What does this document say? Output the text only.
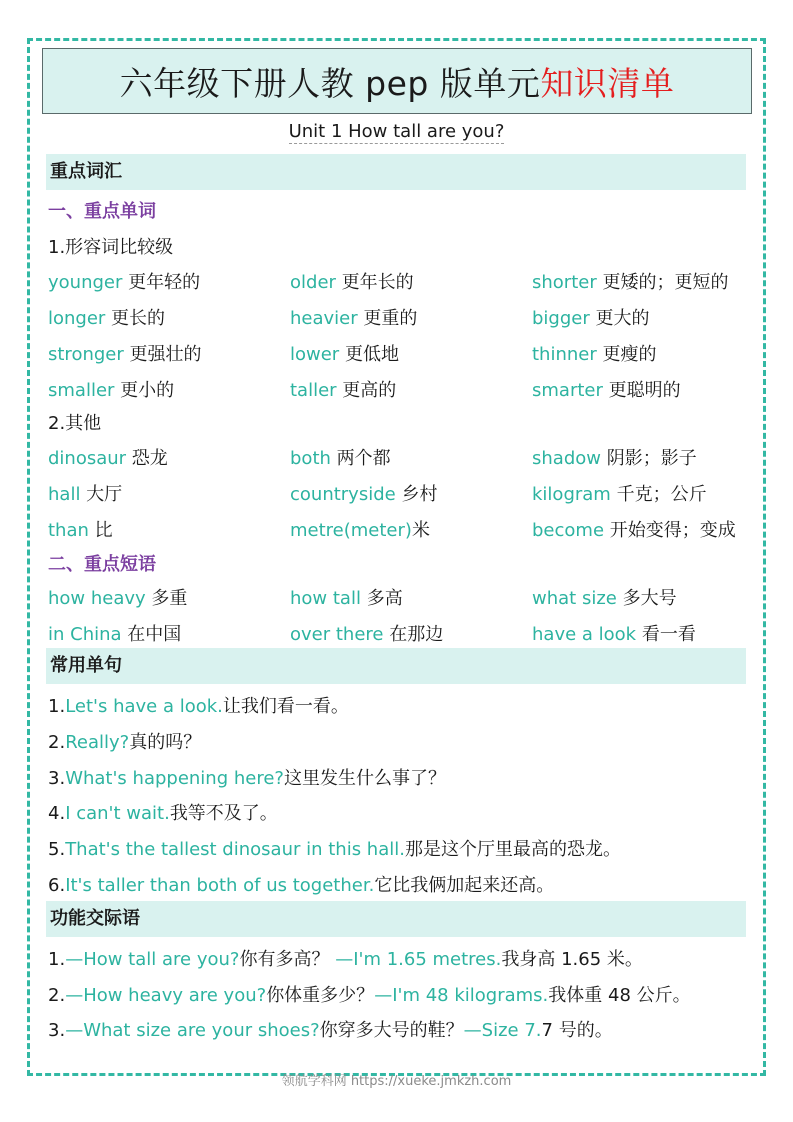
六年级下册人教 pep 版单元 知识清单
Unit 1 How tall are you?
重点词汇
一、重点单词
1.形容词比较级
younger 更年轻的	older 更年长的	shorter 更矮的；更短的
longer 更长的	heavier 更重的	bigger 更大的
stronger 更强壮的	lower 更低地	thinner 更瘦的
smaller 更小的	taller 更高的	smarter 更聪明的
2.其他
dinosaur 恐龙	both 两个都	shadow 阴影；影子
hall 大厅	countryside 乡村	kilogram 千克；公斤
than 比	metre(meter)米	become 开始变得；变成
二、重点短语
how heavy 多重	how tall 多高	what size 多大号
in China 在中国	over there 在那边	have a look 看一看
常用单句
1.Let's have a look.让我们看一看。
2.Really?真的吗？
3.What's happening here?这里发生什么事了？
4.I can't wait.我等不及了。
5.That's the tallest dinosaur in this hall.那是这个厅里最高的恐龙。
6.It's taller than both of us together.它比我俩加起来还高。
功能交际语
1.—How tall are you?你有多高？ —I'm 1.65 metres.我身高 1.65 米。
2.—How heavy are you?你体重多少？—I'm 48 kilograms.我体重 48 公斤。
3.—What size are your shoes?你穿多大号的鞋？—Size 7.7 号的。
领航学科网 https://xueke.jmkzh.com
